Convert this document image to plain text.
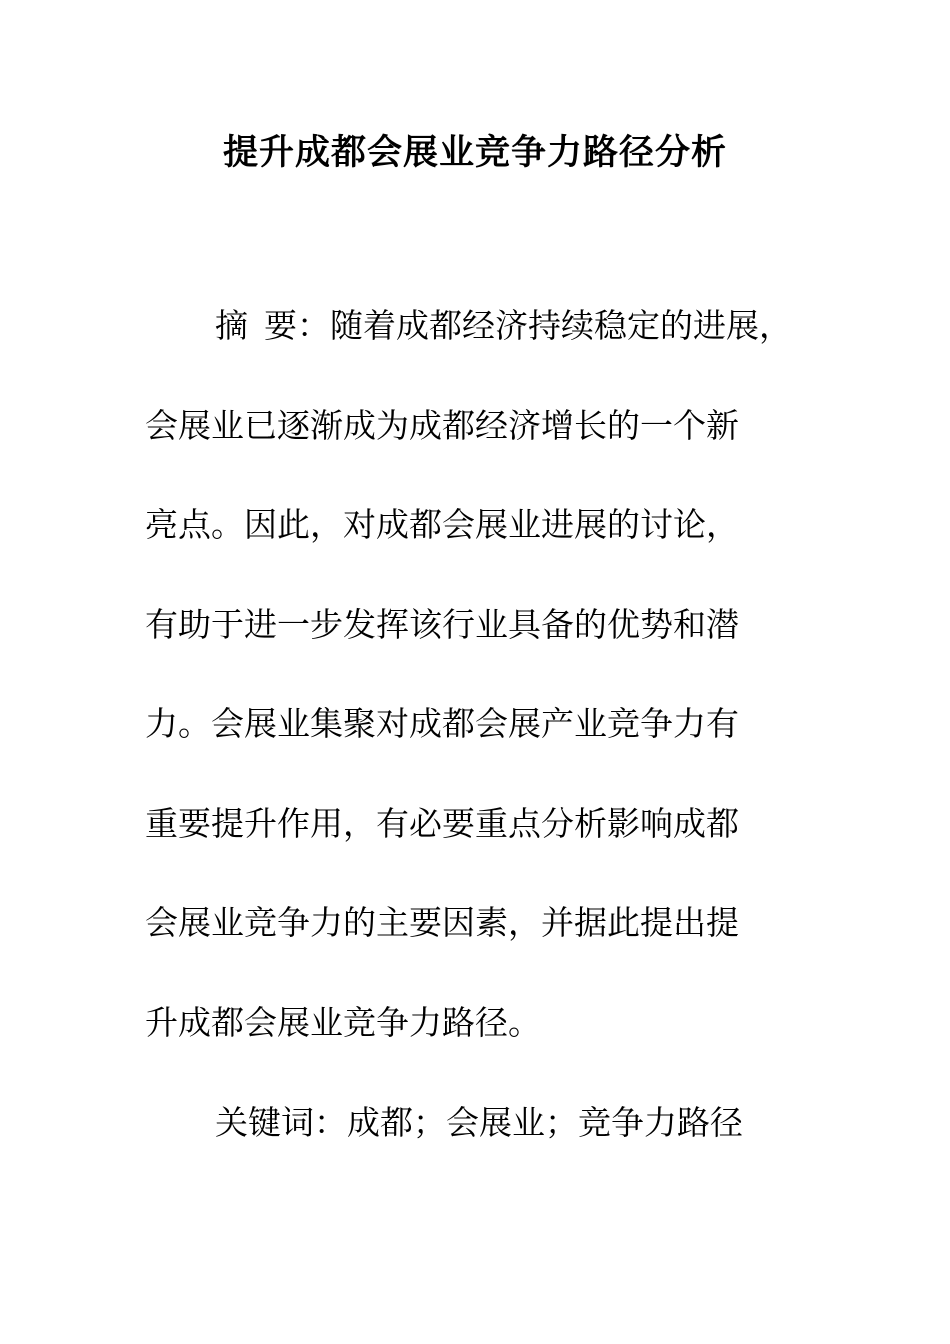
提升成都会展业竞争力路径分析

摘 要：随着成都经济持续稳定的进展，

会展业已逐渐成为成都经济增长的一个新

亮点。因此，对成都会展业进展的讨论，

有助于进一步发挥该行业具备的优势和潜

力。会展业集聚对成都会展产业竞争力有

重要提升作用，有必要重点分析影响成都

会展业竞争力的主要因素，并据此提出提

升成都会展业竞争力路径。

关键词：成都；会展业；竞争力路径
